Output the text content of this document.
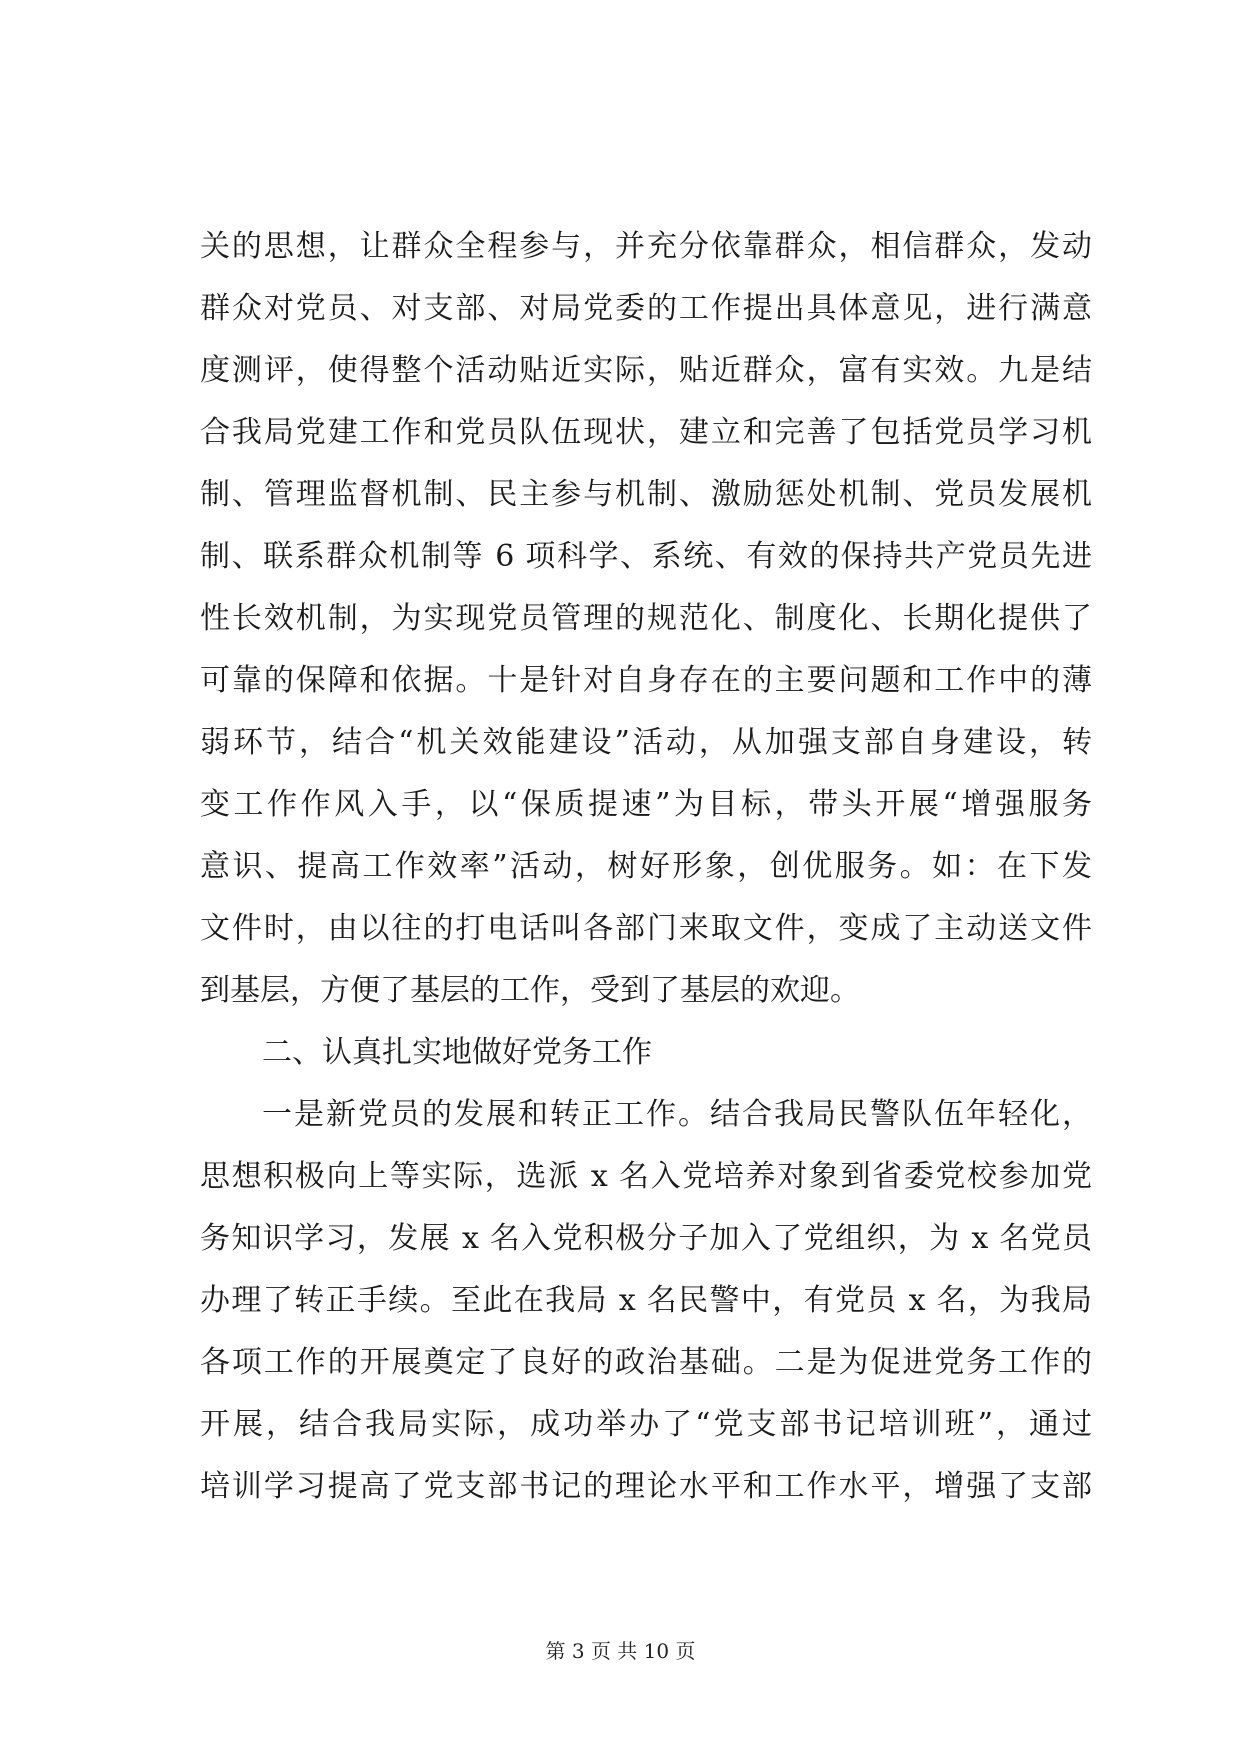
关的思想，让群众全程参与，并充分依靠群众，相信群众，发动
群众对党员、对支部、对局党委的工作提出具体意见，进行满意
度测评，使得整个活动贴近实际，贴近群众，富有实效。九是结
合我局党建工作和党员队伍现状，建立和完善了包括党员学习机
制、管理监督机制、民主参与机制、激励惩处机制、党员发展机
制、联系群众机制等 6 项科学、系统、有效的保持共产党员先进
性长效机制，为实现党员管理的规范化、制度化、长期化提供了
可靠的保障和依据。十是针对自身存在的主要问题和工作中的薄
弱环节，结合“机关效能建设”活动，从加强支部自身建设，转
变工作作风入手，以“保质提速”为目标，带头开展“增强服务
意识、提高工作效率”活动，树好形象，创优服务。如：在下发
文件时，由以往的打电话叫各部门来取文件，变成了主动送文件
到基层，方便了基层的工作，受到了基层的欢迎。
二、认真扎实地做好党务工作
一是新党员的发展和转正工作。结合我局民警队伍年轻化，
思想积极向上等实际，选派 x 名入党培养对象到省委党校参加党
务知识学习，发展 x 名入党积极分子加入了党组织，为 x 名党员
办理了转正手续。至此在我局 x 名民警中，有党员 x 名，为我局
各项工作的开展奠定了良好的政治基础。二是为促进党务工作的
开展，结合我局实际，成功举办了“党支部书记培训班”，通过
培训学习提高了党支部书记的理论水平和工作水平，增强了支部
第 3 页 共 10 页
